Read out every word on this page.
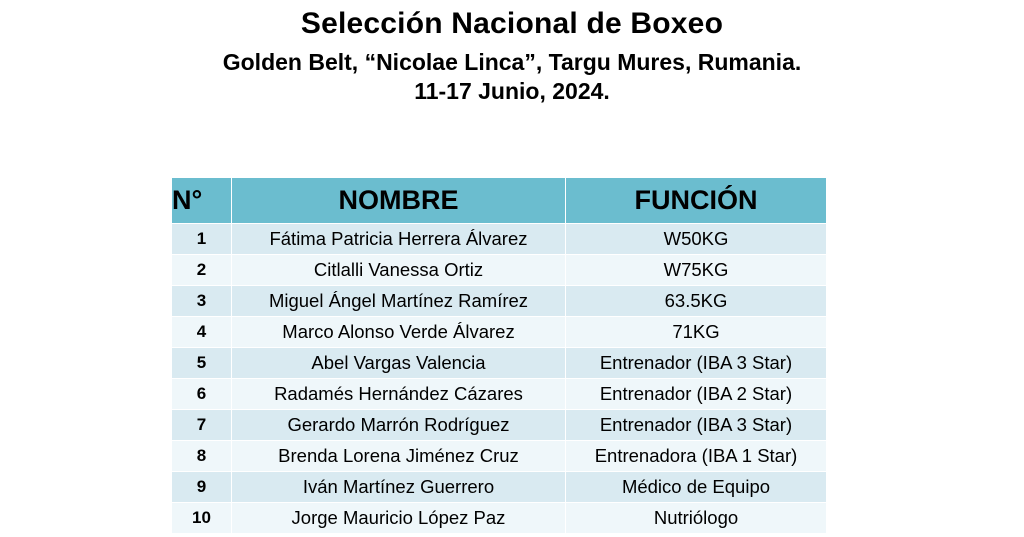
Selección Nacional de Boxeo

Golden Belt, “Nicolae Linca”, Targu Mures, Rumania.

11-17 Junio, 2024.

N°	NOMBRE	FUNCIÓN
1	Fátima Patricia Herrera Álvarez	W50KG
2	Citlalli Vanessa Ortiz	W75KG
3	Miguel Ángel Martínez Ramírez	63.5KG
4	Marco Alonso Verde Álvarez	71KG
5	Abel Vargas Valencia	Entrenador (IBA 3 Star)
6	Radamés Hernández Cázares	Entrenador (IBA 2 Star)
7	Gerardo Marrón Rodríguez	Entrenador (IBA 3 Star)
8	Brenda Lorena Jiménez Cruz	Entrenadora (IBA 1 Star)
9	Iván Martínez Guerrero	Médico de Equipo
10	Jorge Mauricio López Paz	Nutriólogo
